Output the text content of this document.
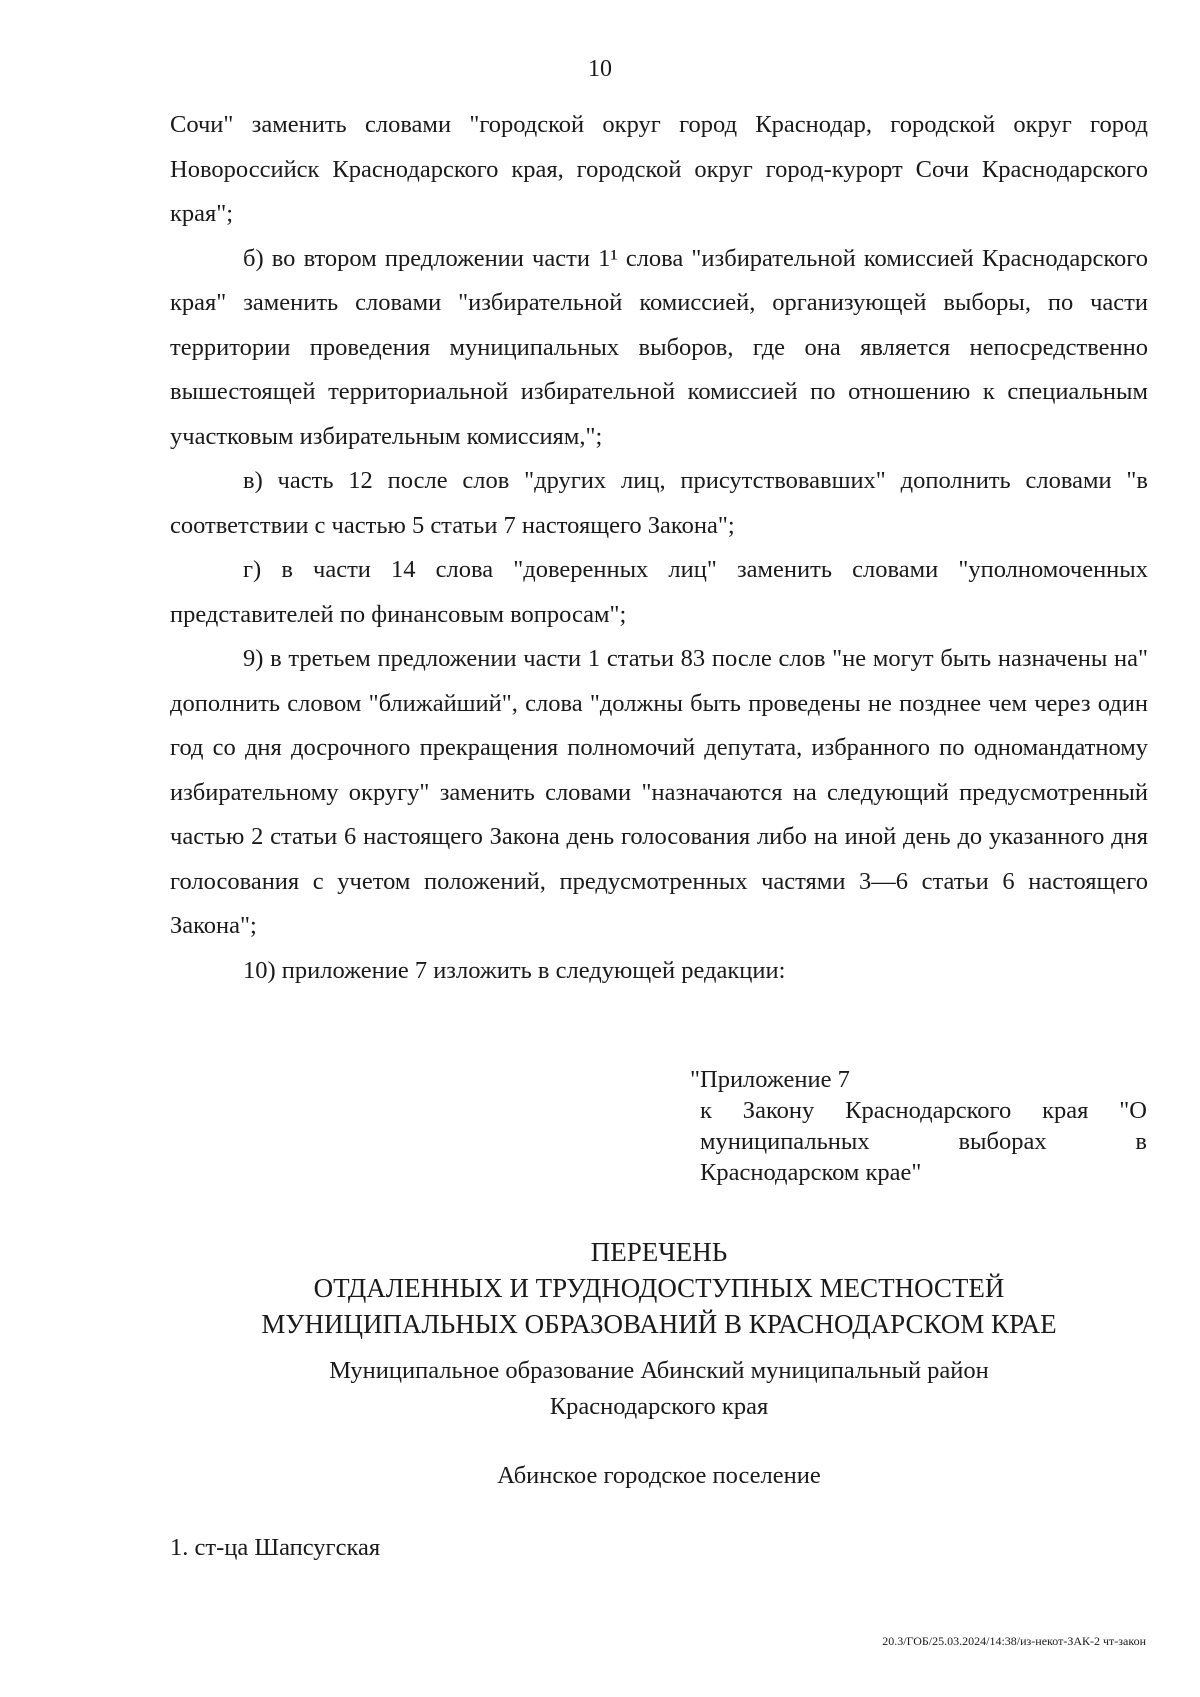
10

Сочи" заменить словами "городской округ город Краснодар, городской округ город Новороссийск Краснодарского края, городской округ город-курорт Сочи Краснодарского края";

б) во втором предложении части 1¹ слова "избирательной комиссией Краснодарского края" заменить словами "избирательной комиссией, организующей выборы, по части территории проведения муниципальных выборов, где она является непосредственно вышестоящей территориальной избирательной комиссией по отношению к специальным участковым избирательным комиссиям,";

в) часть 12 после слов "других лиц, присутствовавших" дополнить словами "в соответствии с частью 5 статьи 7 настоящего Закона";

г) в части 14 слова "доверенных лиц" заменить словами "уполномоченных представителей по финансовым вопросам";

9) в третьем предложении части 1 статьи 83 после слов "не могут быть назначены на" дополнить словом "ближайший", слова "должны быть проведены не позднее чем через один год со дня досрочного прекращения полномочий депутата, избранного по одномандатному избирательному округу" заменить словами "назначаются на следующий предусмотренный частью 2 статьи 6 настоящего Закона день голосования либо на иной день до указанного дня голосования с учетом положений, предусмотренных частями 3—6 статьи 6 настоящего Закона";

10) приложение 7 изложить в следующей редакции:

"Приложение 7

к Закону Краснодарского края "О муниципальных выборах в Краснодарском крае"

ПЕРЕЧЕНЬ
ОТДАЛЕННЫХ И ТРУДНОДОСТУПНЫХ МЕСТНОСТЕЙ
МУНИЦИПАЛЬНЫХ ОБРАЗОВАНИЙ В КРАСНОДАРСКОМ КРАЕ
Муниципальное образование Абинский муниципальный район
Краснодарского края
Абинское городское поселение
1. ст-ца Шапсугская
20.3/ГОБ/25.03.2024/14:38/из-некот-ЗАК-2 чт-закон
